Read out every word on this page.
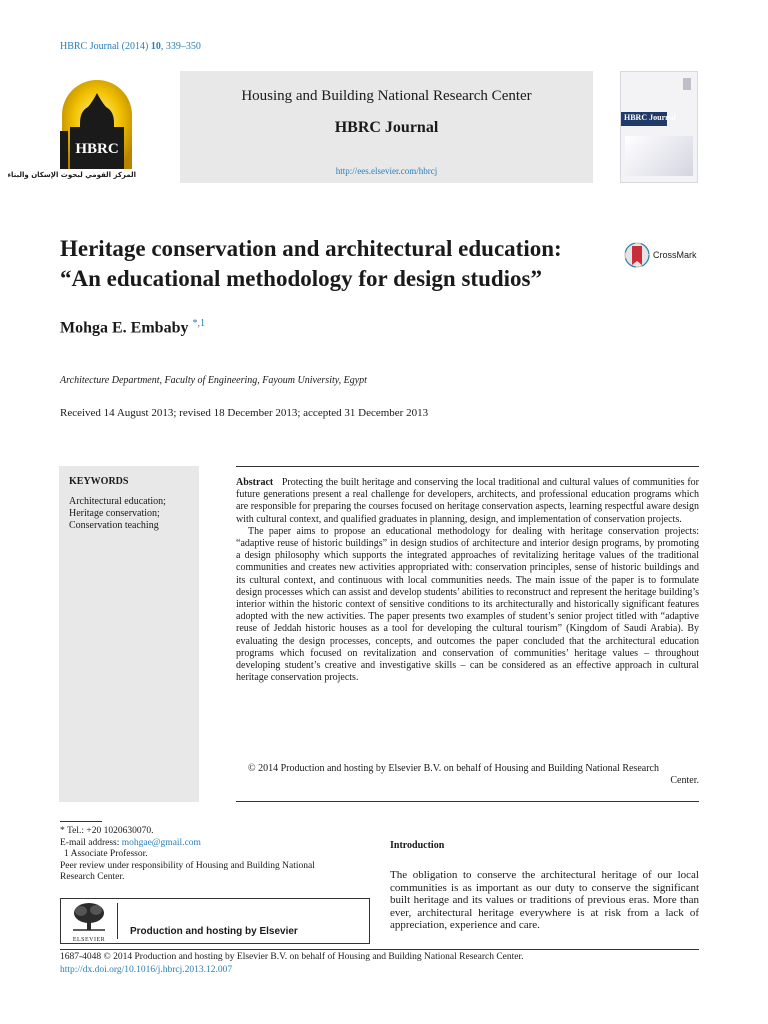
HBRC Journal (2014) 10, 339–350
HBRC
المركز القومي لبحوث الإسكان والبناء
Housing and Building National Research Center
HBRC Journal
http://ees.elsevier.com/hbrcj
HBRC Journal
Heritage conservation and architectural education:
“An educational methodology for design studios”
CrossMark
Mohga E. Embaby $^{*,1}$
Architecture Department, Faculty of Engineering, Fayoum University, Egypt
Received 14 August 2013; revised 18 December 2013; accepted 31 December 2013
KEYWORDS
Architectural education;
Heritage conservation;
Conservation teaching

Abstract Protecting the built heritage and conserving the local traditional and cultural values of communities for future generations present a real challenge for developers, architects, and professional education programs which are responsible for preparing the courses focused on heritage conservation aspects, learning respectful aware design with cultural context, and qualified graduates in planning, design, and implementation of conservation projects.

The paper aims to propose an educational methodology for dealing with heritage conservation projects: “adaptive reuse of historic buildings” in design studios of architecture and interior design programs, by promoting a design philosophy which supports the integrated approaches of revitalizing heritage values of the traditional communities and creates new activities appropriated with: conservation principles, sense of historic buildings and its cultural context, and continuous with local communities needs. The main issue of the paper is to formulate design processes which can assist and develop students’ abilities to reconstruct and represent the heritage building’s interior within the historic context of sensitive conditions to its architecturally and historically significant features adopted with the new activities. The paper presents two examples of student’s senior project titled with “adaptive reuse of Jeddah historic houses as a tool for developing the cultural tourism” (Kingdom of Saudi Arabia). By evaluating the design processes, concepts, and outcomes the paper concluded that the architectural education programs which focused on revitalization and conservation of communities’ heritage values – throughout developing student’s creative and investigative skills – can be considered as an effective approach in cultural heritage conservation projects.

© 2014 Production and hosting by Elsevier B.V. on behalf of Housing and Building National Research
Center.
* Tel.: +20 1020630070.
E-mail address: mohgae@gmail.com
1 Associate Professor.
Peer review under responsibility of Housing and Building National
Research Center.
ELSEVIER
Production and hosting by Elsevier
Introduction
The obligation to conserve the architectural heritage of our local communities is as important as our duty to conserve the significant built heritage and its values or traditions of previous eras. More than ever, architectural heritage everywhere is at risk from a lack of appreciation, experience and care.
1687-4048 © 2014 Production and hosting by Elsevier B.V. on behalf of Housing and Building National Research Center.
http://dx.doi.org/10.1016/j.hbrcj.2013.12.007
